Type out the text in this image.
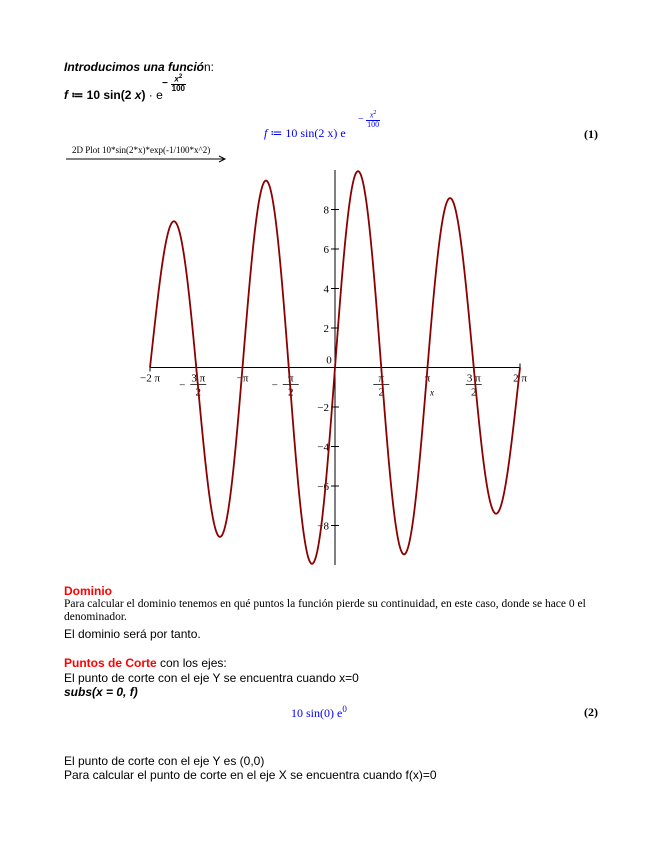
Introducimos una función:
f ≔ 10 sin(2 x) · e
− $\frac{x^2}{100}$
f ≔ 10 sin(2 x) e
− $\frac{x^2}{100}$
(1)
2D Plot 10*sin(2*x)*exp(-1/100*x^2)
−2 π
−
3 π
2
−π
−
π
2
0
π
2
π	3 π
2
2 π
8
6
4
2
−2
−4
−6
−8
x
Dominio
Para calcular el dominio tenemos en qué puntos la función pierde su continuidad, en este caso, donde se hace 0 el denominador.
El dominio será por tanto.
Puntos de Corte con los ejes:
El punto de corte con el eje Y se encuentra cuando x=0
subs(x = 0, f)
10 sin(0) $e^0$	(2)
El punto de corte con el eje Y es (0,0)
Para calcular el punto de corte en el eje X se encuentra cuando f(x)=0
